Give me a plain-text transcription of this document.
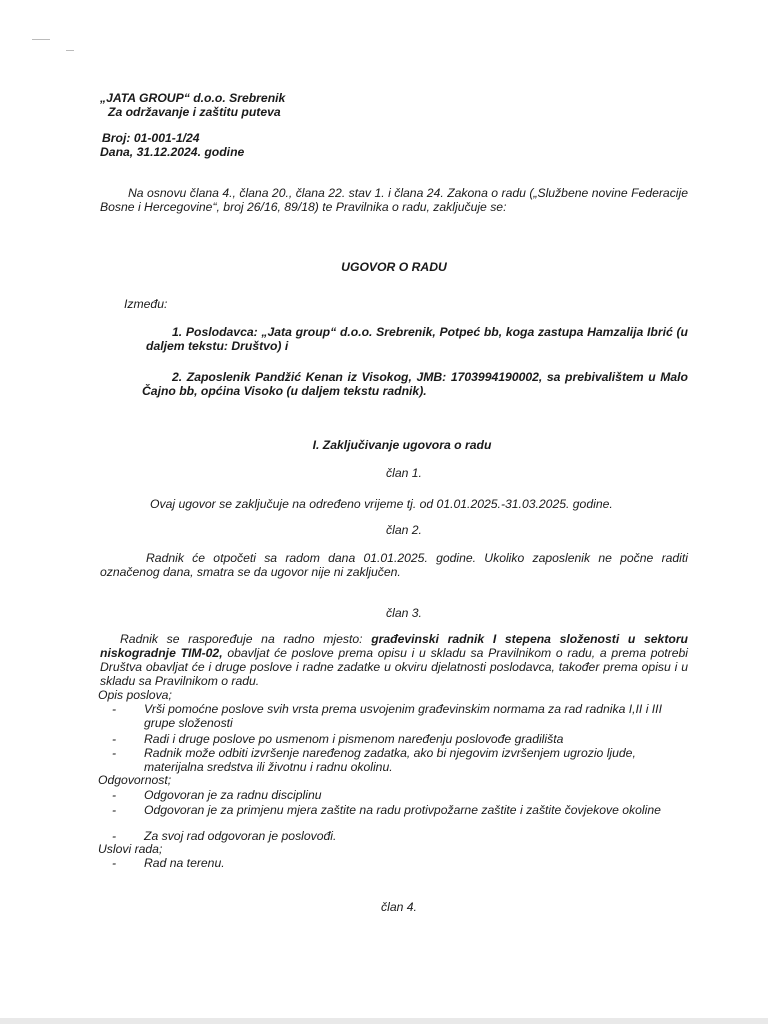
„JATA GROUP“ d.o.o. Srebrenik
Za održavanje i zaštitu puteva
Broj: 01-001-1/24
Dana, 31.12.2024. godine
Na osnovu člana 4., člana 20., člana 22. stav 1. i člana 24. Zakona o radu („Službene novine Federacije Bosne i Hercegovine“, broj 26/16, 89/18) te Pravilnika o radu, zaključuje se:
UGOVOR O RADU
Između:
1. Poslodavca: „Jata group“ d.o.o. Srebrenik, Potpeć bb, koga zastupa Hamzalija Ibrić (u daljem tekstu: Društvo) i
2. Zaposlenik Pandžić Kenan iz Visokog, JMB: 1703994190002, sa prebivalištem u Malo Čajno bb, općina Visoko (u daljem tekstu radnik).
I. Zaključivanje ugovora o radu
član 1.
Ovaj ugovor se zaključuje na određeno vrijeme tj. od 01.01.2025.-31.03.2025. godine.
član 2.
Radnik će otpočeti sa radom dana 01.01.2025. godine. Ukoliko zaposlenik ne počne raditi označenog dana, smatra se da ugovor nije ni zaključen.
član 3.
Radnik se raspoređuje na radno mjesto: građevinski radnik I stepena složenosti u sektoru niskogradnje TIM-02, obavljat će poslove prema opisu i u skladu sa Pravilnikom o radu, a prema potrebi Društva obavljat će i druge poslove i radne zadatke u okviru djelatnosti poslodavca, također prema opisu i u skladu sa Pravilnikom o radu.
Opis poslova;
- Vrši pomoćne poslove svih vrsta prema usvojenim građevinskim normama za rad radnika I,II i III grupe složenosti
- Radi i druge poslove po usmenom i pismenom naređenju poslovođe gradilišta
- Radnik može odbiti izvršenje naređenog zadatka, ako bi njegovim izvršenjem ugrozio ljude, materijalna sredstva ili životnu i radnu okolinu.
Odgovornost;
- Odgovoran je za radnu disciplinu
- Odgovoran je za primjenu mjera zaštite na radu protivpožarne zaštite i zaštite čovjekove okoline
- Za svoj rad odgovoran je poslovođi.
Uslovi rada;
- Rad na terenu.
član 4.
